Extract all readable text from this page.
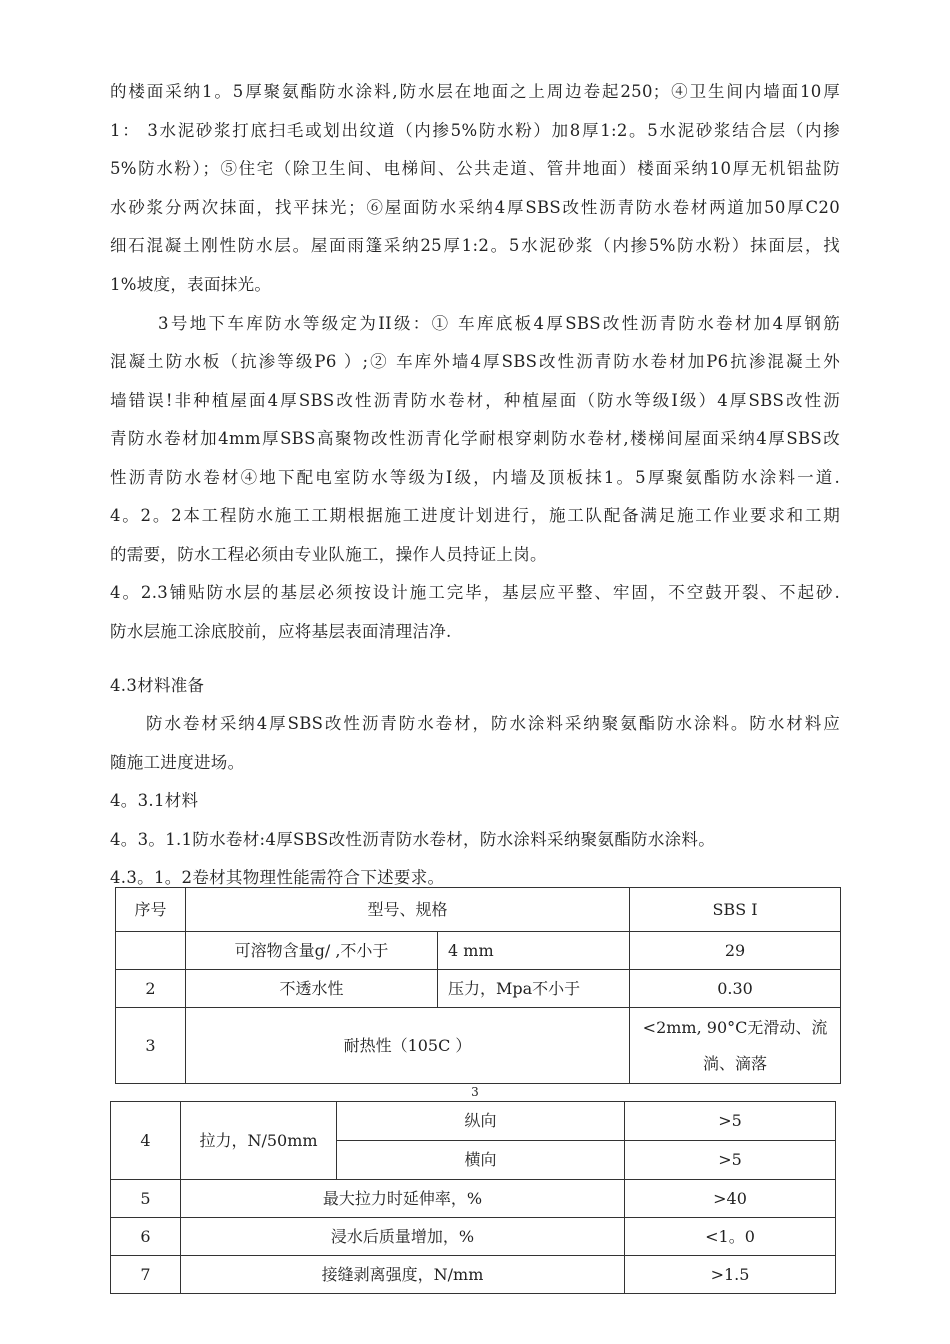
的楼面采纳1。5厚聚氨酯防水涂料,防水层在地面之上周边卷起250；④卫生间内墙面10厚
1： 3水泥砂浆打底扫毛或划出纹道（内掺5%防水粉）加8厚1:2。5水泥砂浆结合层（内掺
5%防水粉）；⑤住宅（除卫生间、电梯间、公共走道、管井地面）楼面采纳10厚无机铝盐防
水砂浆分两次抹面，找平抹光；⑥屋面防水采纳4厚SBS改性沥青防水卷材两道加50厚C20
细石混凝土刚性防水层。屋面雨篷采纳25厚1:2。5水泥砂浆（内掺5%防水粉）抹面层，找
1%坡度，表面抹光。
3号地下车库防水等级定为II级：① 车库底板4厚SBS改性沥青防水卷材加4厚钢筋
混凝土防水板（抗渗等级P6 ）;② 车库外墙4厚SBS改性沥青防水卷材加P6抗渗混凝土外
墙错误!非种植屋面4厚SBS改性沥青防水卷材，种植屋面（防水等级Ⅰ级）4厚SBS改性沥
青防水卷材加4mm厚SBS高聚物改性沥青化学耐根穿刺防水卷材,楼梯间屋面采纳4厚SBS改
性沥青防水卷材④地下配电室防水等级为Ⅰ级，内墙及顶板抹1。5厚聚氨酯防水涂料一道.
4。2。2本工程防水施工工期根据施工进度计划进行，施工队配备满足施工作业要求和工期
的需要，防水工程必须由专业队施工，操作人员持证上岗。
4。2.3铺贴防水层的基层必须按设计施工完毕，基层应平整、牢固，不空鼓开裂、不起砂.
防水层施工涂底胶前，应将基层表面清理洁净.
4.3材料准备
防水卷材采纳4厚SBS改性沥青防水卷材，防水涂料采纳聚氨酯防水涂料。防水材料应
随施工进度进场。
4。3.1材料
4。3。1.1防水卷材:4厚SBS改性沥青防水卷材，防水涂料采纳聚氨酯防水涂料。
4.3。1。2卷材其物理性能需符合下述要求。
序号	型号、规格		SBS Ⅰ
	可溶物含量g/ ,不小于	4 mm	29
2	不透水性	压力，Mpa不小于	0.30
3	耐热性（105C ）		<2mm, 90°C无滑动、流
淌、滴落
3
4	拉力，N/50mm	纵向	>5
		横向	>5
5	最大拉力时延伸率，%		>40
6	浸水后质量增加，%		<1。0
7	接缝剥离强度，N/mm		>1.5
